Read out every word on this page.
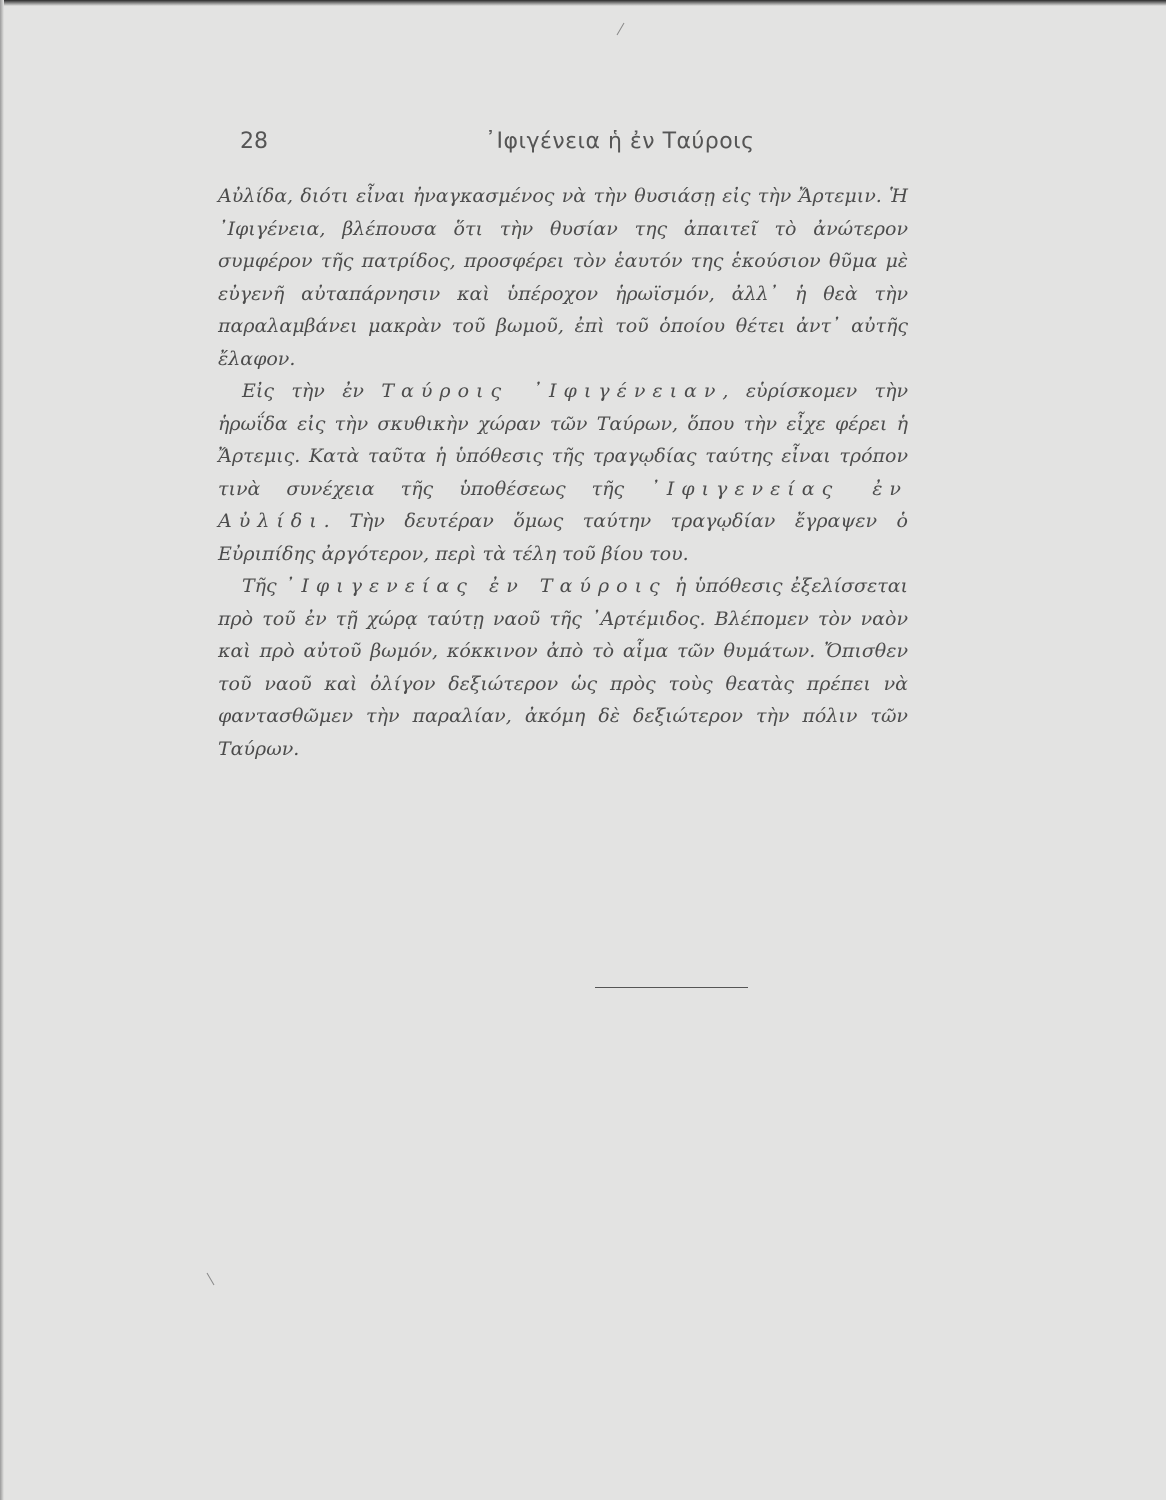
28	᾿Ιφιγένεια ἡ ἐν Ταύροις

Αὐλίδα, διότι εἶναι ἠναγκασμένος νὰ τὴν θυσιάσῃ εἰς τὴν Ἄρτεμιν. Ἡ ᾿Ιφιγένεια, βλέπουσα ὅτι τὴν θυσίαν της ἀπαιτεῖ τὸ ἀνώτερον συμφέρον τῆς πατρίδος, προσφέρει τὸν ἑαυτόν της ἑκούσιον θῦμα μὲ εὐγενῆ αὐταπάρνησιν καὶ ὑπέροχον ἡρωϊσμόν, ἀλλ᾿ ἡ θεὰ τὴν παραλαμβάνει μακρὰν τοῦ βωμοῦ, ἐπὶ τοῦ ὁποίου θέτει ἀντ᾿ αὐτῆς ἔλαφον.

Εἰς τὴν ἐν Ταύροις ᾿Ιφιγένειαν, εὑρίσκομεν τὴν ἡρωΐδα εἰς τὴν σκυθικὴν χώραν τῶν Ταύρων, ὅπου τὴν εἶχε φέρει ἡ Ἄρτεμις. Κατὰ ταῦτα ἡ ὑπόθεσις τῆς τραγῳδίας ταύτης εἶναι τρόπον τινὰ συνέχεια τῆς ὑποθέσεως τῆς ᾿Ιφιγενείας ἐν Αὐλίδι. Τὴν δευτέραν ὅμως ταύτην τραγῳδίαν ἔγραψεν ὁ Εὐριπίδης ἀργότερον, περὶ τὰ τέλη τοῦ βίου του.

Τῆς ᾿Ιφιγενείας ἐν Ταύροις ἡ ὑπόθεσις ἐξελίσσεται πρὸ τοῦ ἐν τῇ χώρᾳ ταύτῃ ναοῦ τῆς ᾿Αρτέμιδος. Βλέπομεν τὸν ναὸν καὶ πρὸ αὐτοῦ βωμόν, κόκκινον ἀπὸ τὸ αἷμα τῶν θυμάτων. Ὄπισθεν τοῦ ναοῦ καὶ ὀλίγον δεξιώτερον ὡς πρὸς τοὺς θεατὰς πρέπει νὰ φαντασθῶμεν τὴν παραλίαν, ἀκόμη δὲ δεξιώτερον τὴν πόλιν τῶν Ταύρων.
